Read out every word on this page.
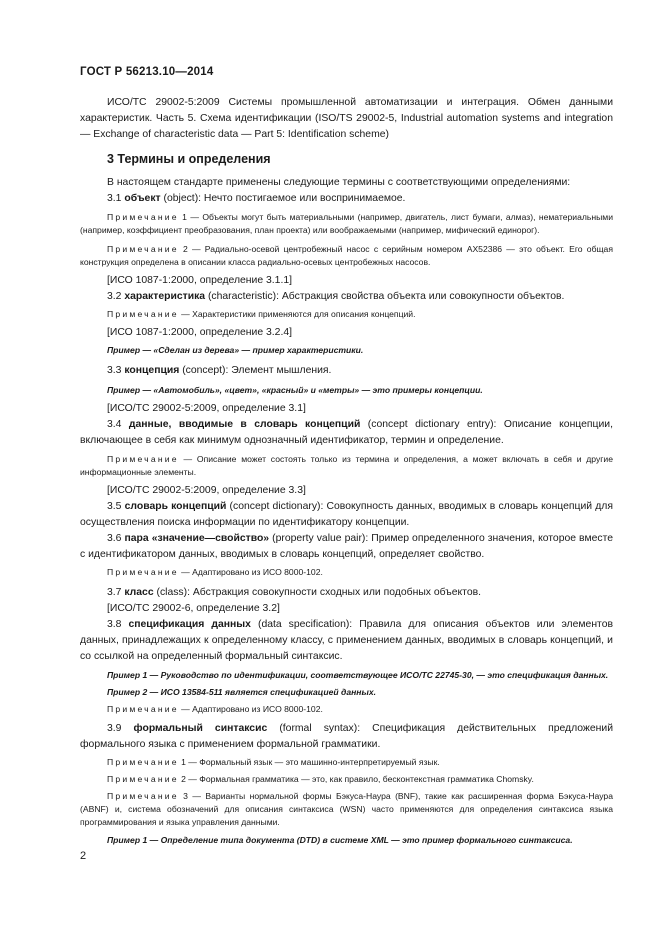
ГОСТ Р 56213.10—2014

ИСО/ТС 29002-5:2009 Системы промышленной автоматизации и интеграция. Обмен данными характеристик. Часть 5. Схема идентификации (ISO/TS 29002-5, Industrial automation systems and integration — Exchange of characteristic data — Part 5: Identification scheme)

3 Термины и определения

В настоящем стандарте применены следующие термины с соответствующими определениями:

3.1 объект (object): Нечто постигаемое или воспринимаемое.

Примечание 1 — Объекты могут быть материальными (например, двигатель, лист бумаги, алмаз), нематериальными (например, коэффициент преобразования, план проекта) или воображаемыми (например, мифический единорог).

Примечание 2 — Радиально-осевой центробежный насос с серийным номером AX52386 — это объект. Его общая конструкция определена в описании класса радиально-осевых центробежных насосов.

[ИСО 1087-1:2000, определение 3.1.1]

3.2 характеристика (characteristic): Абстракция свойства объекта или совокупности объектов.

Примечание — Характеристики применяются для описания концепций.

[ИСО 1087-1:2000, определение 3.2.4]

Пример — «Сделан из дерева» — пример характеристики.

3.3 концепция (concept): Элемент мышления.

Пример — «Автомобиль», «цвет», «красный» и «метры» — это примеры концепции.

[ИСО/ТС 29002-5:2009, определение 3.1]

3.4 данные, вводимые в словарь концепций (concept dictionary entry): Описание концепции, включающее в себя как минимум однозначный идентификатор, термин и определение.

Примечание — Описание может состоять только из термина и определения, а может включать в себя и другие информационные элементы.

[ИСО/ТС 29002-5:2009, определение 3.3]

3.5 словарь концепций (concept dictionary): Совокупность данных, вводимых в словарь концепций для осуществления поиска информации по идентификатору концепции.

3.6 пара «значение—свойство» (property value pair): Пример определенного значения, которое вместе с идентификатором данных, вводимых в словарь концепций, определяет свойство.

Примечание — Адаптировано из ИСО 8000-102.

3.7 класс (class): Абстракция совокупности сходных или подобных объектов.

[ИСО/ТС 29002-6, определение 3.2]

3.8 спецификация данных (data specification): Правила для описания объектов или элементов данных, принадлежащих к определенному классу, с применением данных, вводимых в словарь концепций, и со ссылкой на определенный формальный синтаксис.

Пример 1 — Руководство по идентификации, соответствующее ИСО/ТС 22745-30, — это спецификация данных.

Пример 2 — ИСО 13584-511 является спецификацией данных.

Примечание — Адаптировано из ИСО 8000-102.

3.9 формальный синтаксис (formal syntax): Спецификация действительных предложений формального языка с применением формальной грамматики.

Примечание 1 — Формальный язык — это машинно-интерпретируемый язык.

Примечание 2 — Формальная грамматика — это, как правило, бесконтекстная грамматика Chomsky.

Примечание 3 — Варианты нормальной формы Бэкуса-Наура (BNF), такие как расширенная форма Бэкуса-Наура (ABNF) и, система обозначений для описания синтаксиса (WSN) часто применяются для определения синтаксиса языка программирования и языка управления данными.

Пример 1 — Определение типа документа (DTD) в системе XML — это пример формального синтаксиса.

2
